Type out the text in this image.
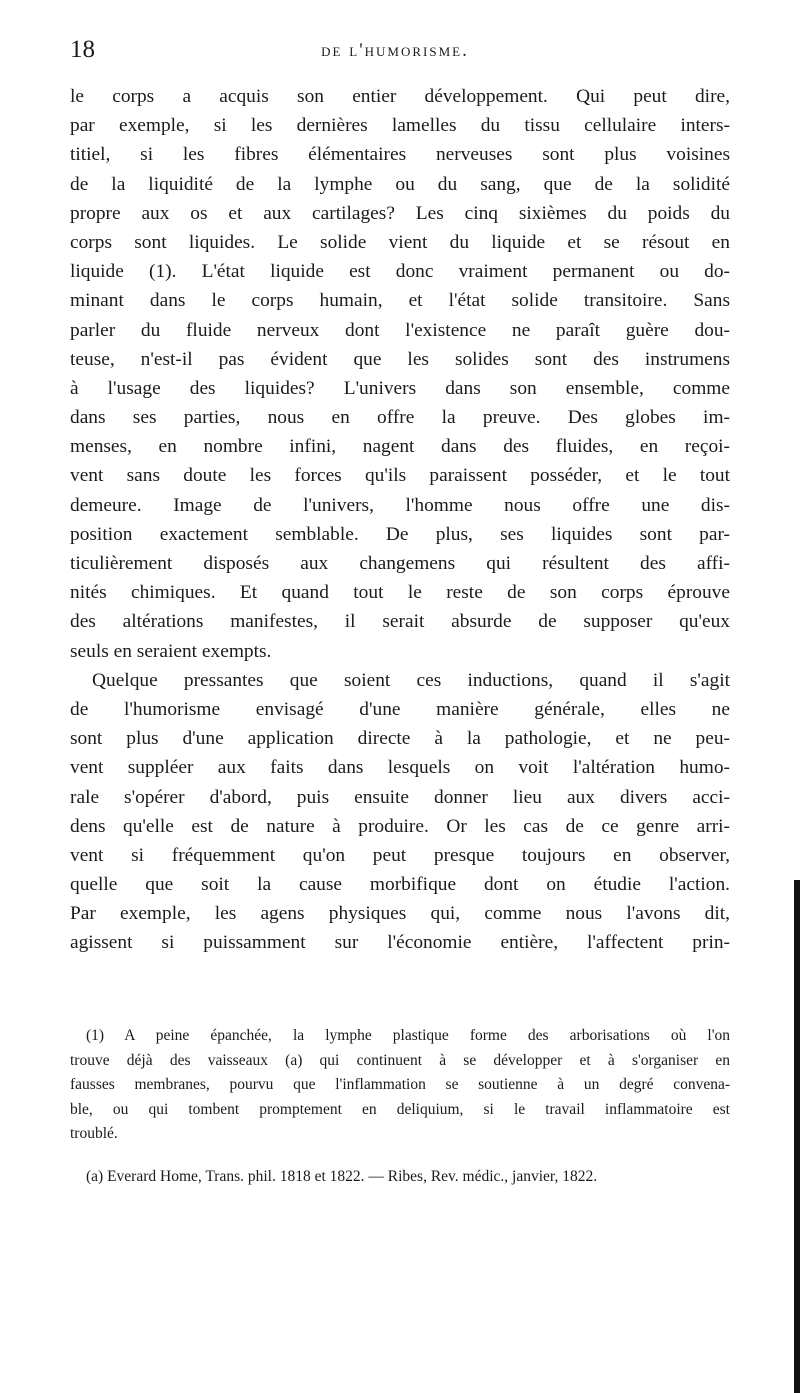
18	de l'humorisme.
le corps a acquis son entier développement. Qui peut dire,
par exemple, si les dernières lamelles du tissu cellulaire inters-
titiel, si les fibres élémentaires nerveuses sont plus voisines
de la liquidité de la lymphe ou du sang, que de la solidité
propre aux os et aux cartilages? Les cinq sixièmes du poids du
corps sont liquides. Le solide vient du liquide et se résout en
liquide (1). L'état liquide est donc vraiment permanent ou do-
minant dans le corps humain, et l'état solide transitoire. Sans
parler du fluide nerveux dont l'existence ne paraît guère dou-
teuse, n'est-il pas évident que les solides sont des instrumens
à l'usage des liquides? L'univers dans son ensemble, comme
dans ses parties, nous en offre la preuve. Des globes im-
menses, en nombre infini, nagent dans des fluides, en reçoi-
vent sans doute les forces qu'ils paraissent posséder, et le tout
demeure. Image de l'univers, l'homme nous offre une dis-
position exactement semblable. De plus, ses liquides sont par-
ticulièrement disposés aux changemens qui résultent des affi-
nités chimiques. Et quand tout le reste de son corps éprouve
des altérations manifestes, il serait absurde de supposer qu'eux
seuls en seraient exempts.
Quelque pressantes que soient ces inductions, quand il s'agit
de l'humorisme envisagé d'une manière générale, elles ne
sont plus d'une application directe à la pathologie, et ne peu-
vent suppléer aux faits dans lesquels on voit l'altération humo-
rale s'opérer d'abord, puis ensuite donner lieu aux divers acci-
dens qu'elle est de nature à produire. Or les cas de ce genre arri-
vent si fréquemment qu'on peut presque toujours en observer,
quelle que soit la cause morbifique dont on étudie l'action.
Par exemple, les agens physiques qui, comme nous l'avons dit,
agissent si puissamment sur l'économie entière, l'affectent prin-
(1) A peine épanchée, la lymphe plastique forme des arborisations où l'on
trouve déjà des vaisseaux (a) qui continuent à se développer et à s'organiser en
fausses membranes, pourvu que l'inflammation se soutienne à un degré convena-
ble, ou qui tombent promptement en deliquium, si le travail inflammatoire est
troublé.
(a) Everard Home, Trans. phil. 1818 et 1822. — Ribes, Rev. médic., janvier, 1822.
